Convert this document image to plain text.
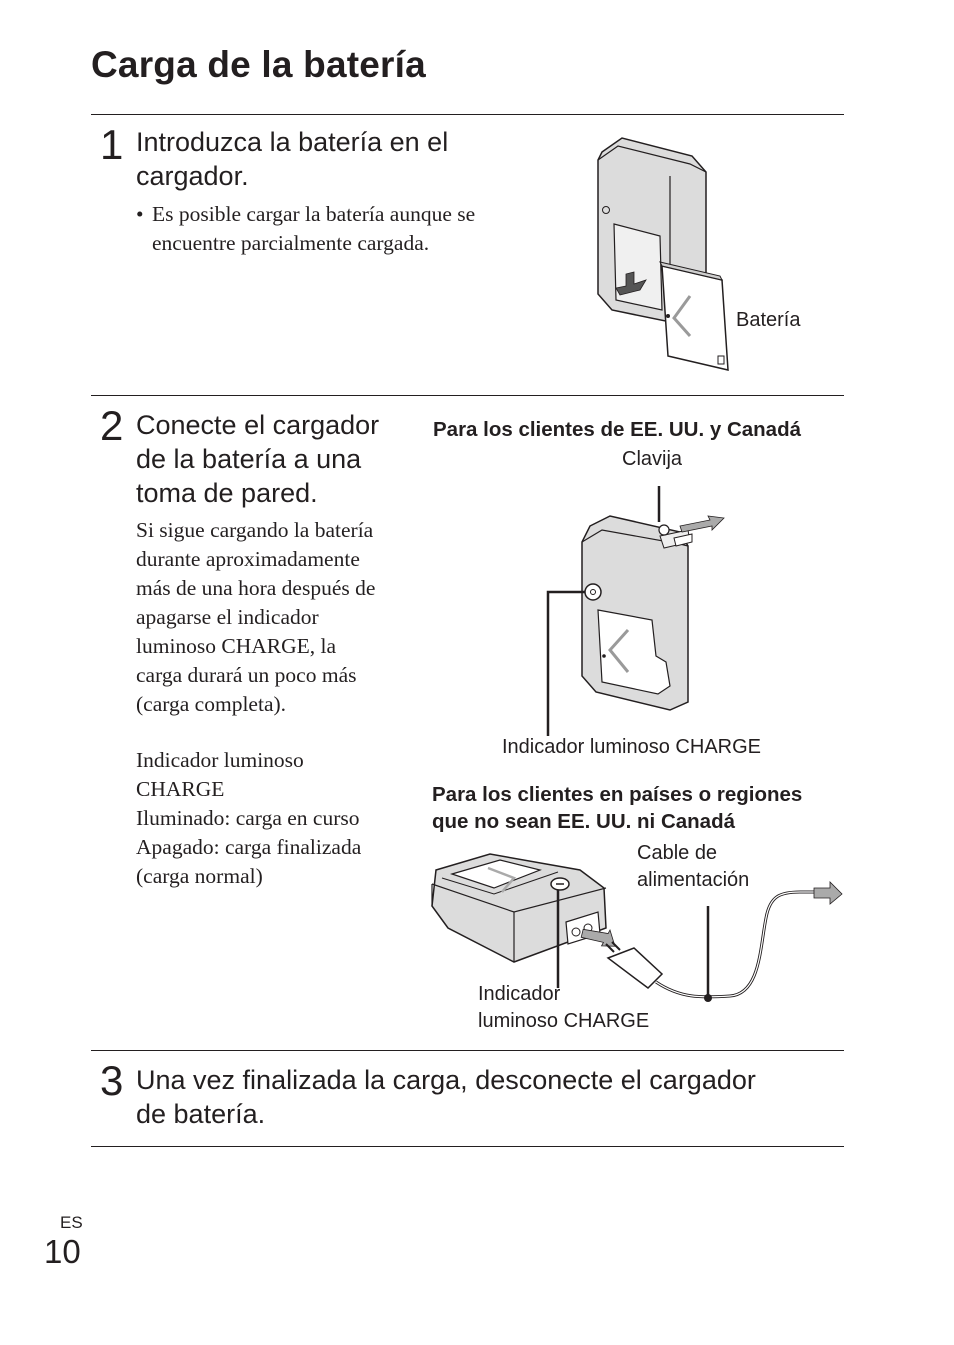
Carga de la batería
1 Introduzca la batería en el
cargador.
• Es posible cargar la batería aunque se
encuentre parcialmente cargada.
Batería
2 Conecte el cargador
de la batería a una
toma de pared.
Si sigue cargando la batería
durante aproximadamente
más de una hora después de
apagarse el indicador
luminoso CHARGE, la
carga durará un poco más
(carga completa).
Indicador luminoso
CHARGE
Iluminado: carga en curso
Apagado: carga finalizada
(carga normal)
Para los clientes de EE. UU. y Canadá
Clavija
Indicador luminoso CHARGE
Para los clientes en países o regiones
que no sean EE. UU. ni Canadá
Cable de
alimentación
Indicador
luminoso CHARGE
3 Una vez finalizada la carga, desconecte el cargador
de batería.
ES
10
